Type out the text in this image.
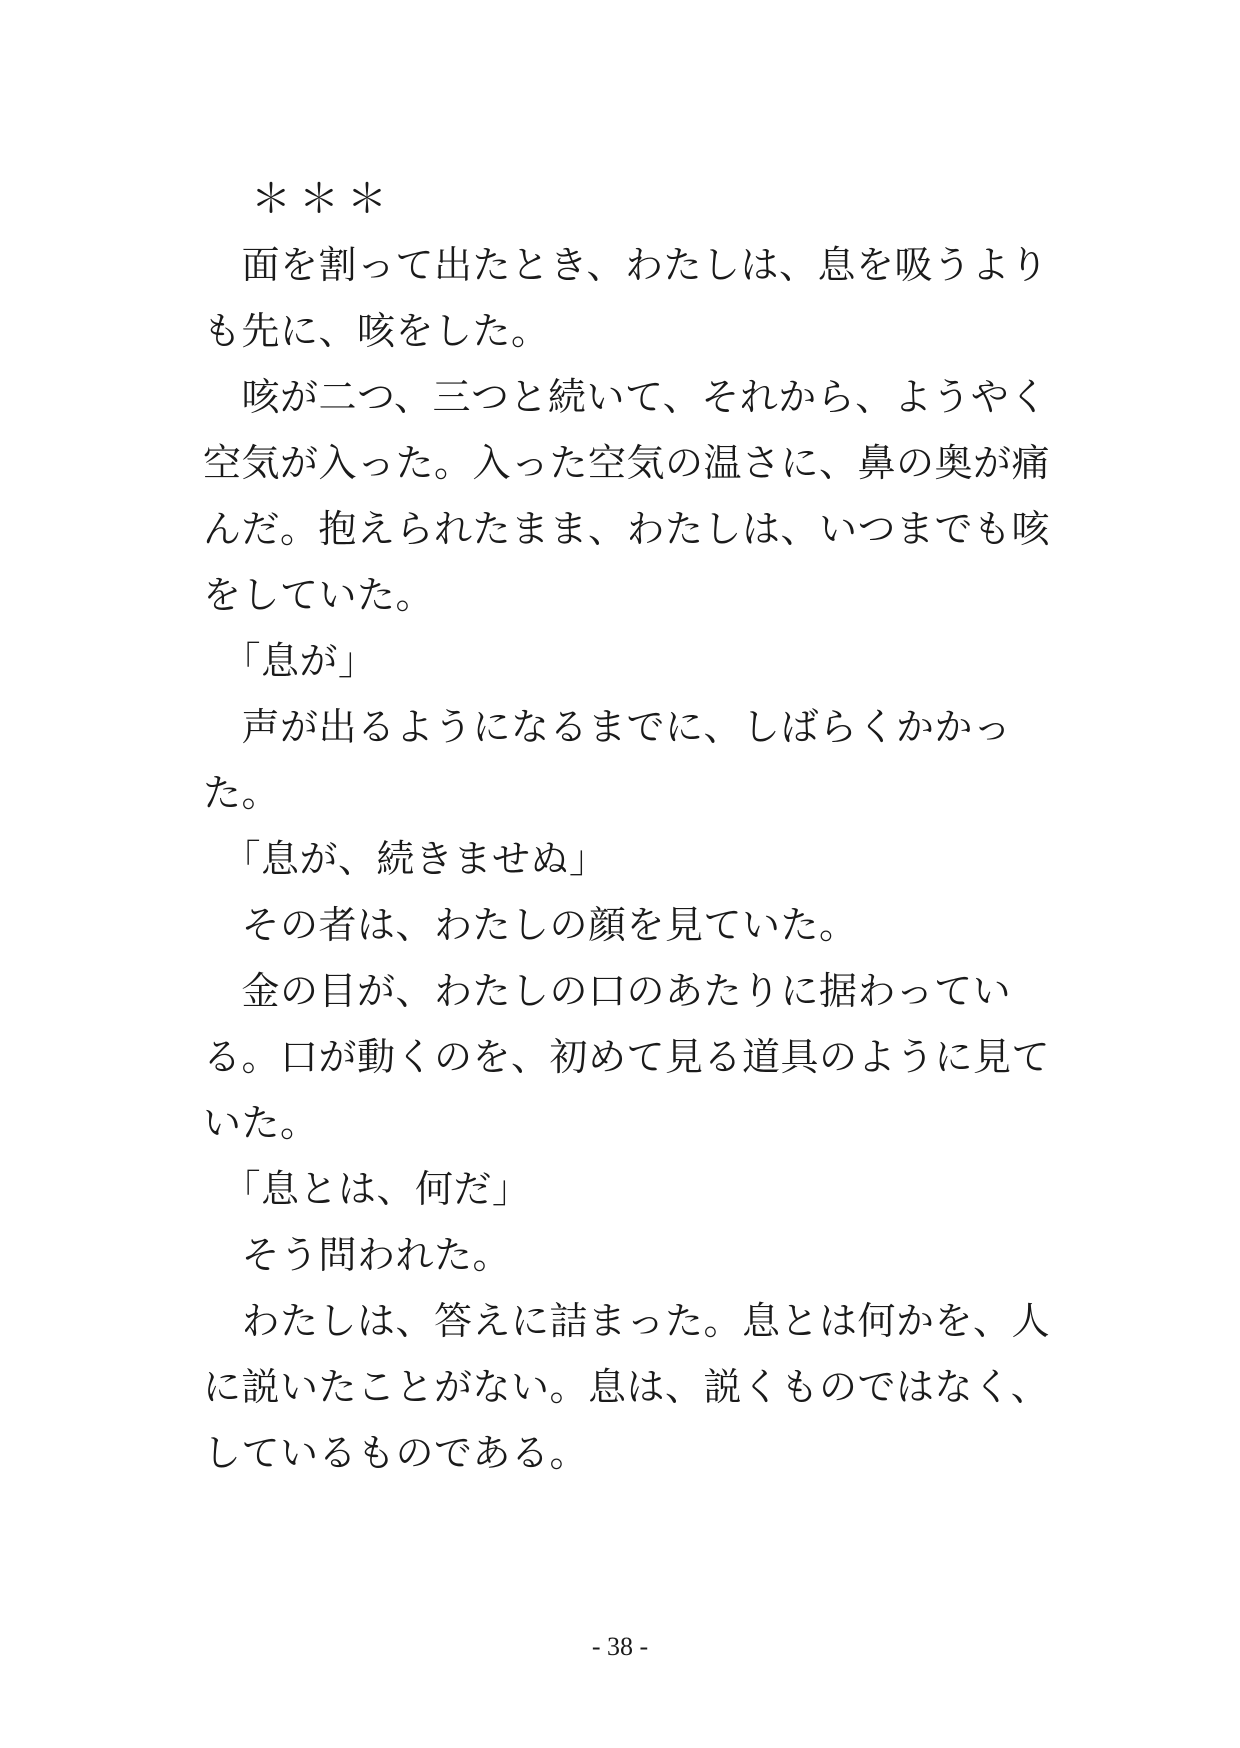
　＊＊＊
　面を割って出たとき、わたしは、息を吸うより
も先に、咳をした。
　咳が二つ、三つと続いて、それから、ようやく
空気が入った。入った空気の温さに、鼻の奥が痛
んだ。抱えられたまま、わたしは、いつまでも咳
をしていた。
　「息が」
　声が出るようになるまでに、しばらくかかっ
た。
　「息が、続きませぬ」
　その者は、わたしの顔を見ていた。
　金の目が、わたしの口のあたりに据わってい
る。口が動くのを、初めて見る道具のように見て
いた。
　「息とは、何だ」
　そう問われた。
　わたしは、答えに詰まった。息とは何かを、人
に説いたことがない。息は、説くものではなく、
しているものである。
- 38 -
